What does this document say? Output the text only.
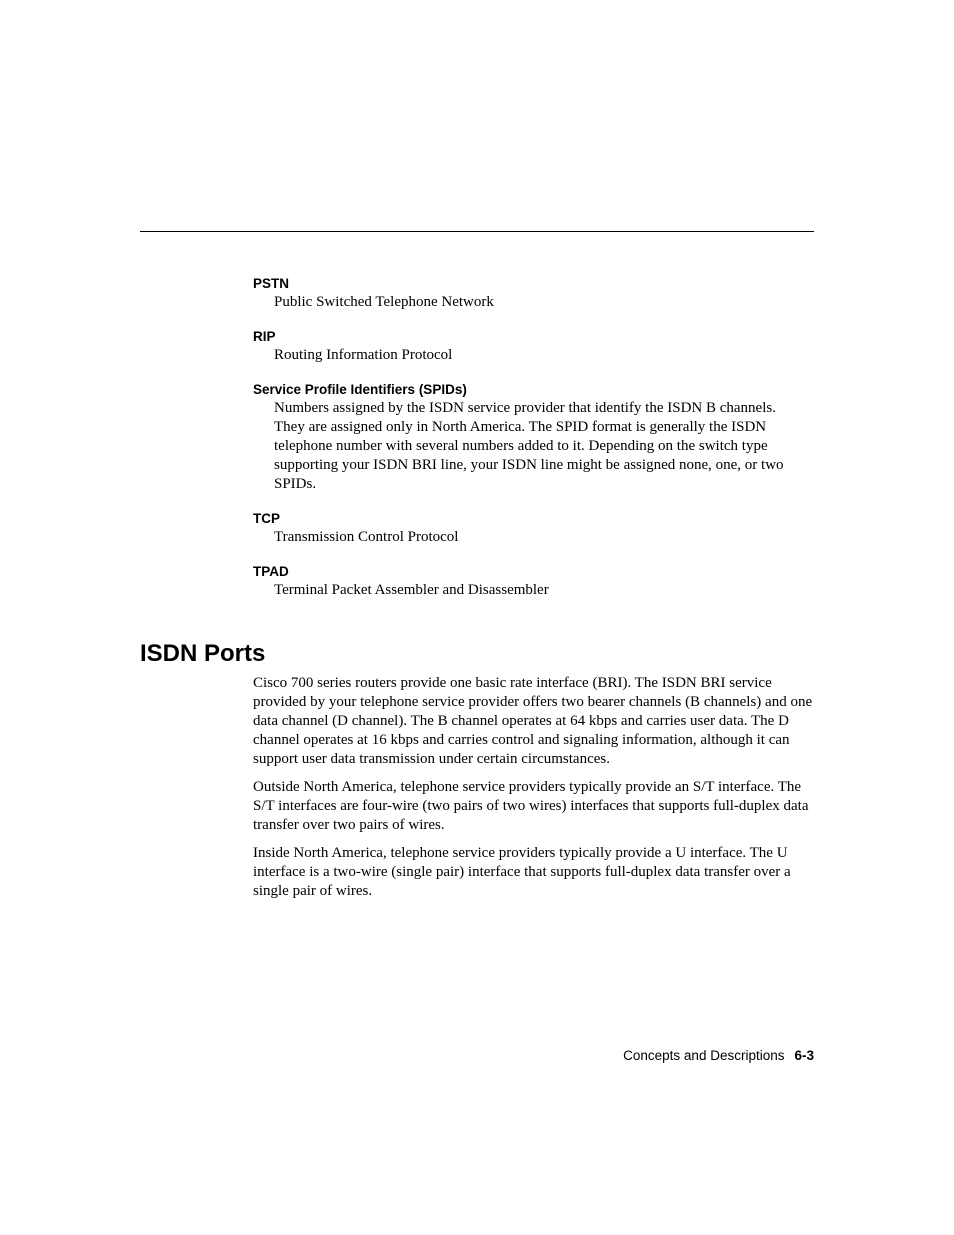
PSTN
Public Switched Telephone Network
RIP
Routing Information Protocol
Service Profile Identifiers (SPIDs)
Numbers assigned by the ISDN service provider that identify the ISDN B channels. They are assigned only in North America. The SPID format is generally the ISDN telephone number with several numbers added to it. Depending on the switch type supporting your ISDN BRI line, your ISDN line might be assigned none, one, or two SPIDs.
TCP
Transmission Control Protocol
TPAD
Terminal Packet Assembler and Disassembler
ISDN Ports

Cisco 700 series routers provide one basic rate interface (BRI). The ISDN BRI service provided by your telephone service provider offers two bearer channels (B channels) and one data channel (D channel). The B channel operates at 64 kbps and carries user data. The D channel operates at 16 kbps and carries control and signaling information, although it can support user data transmission under certain circumstances.

Outside North America, telephone service providers typically provide an S/T interface. The S/T interfaces are four-wire (two pairs of two wires) interfaces that supports full-duplex data transfer over two pairs of wires.

Inside North America, telephone service providers typically provide a U interface. The U interface is a two-wire (single pair) interface that supports full-duplex data transfer over a single pair of wires.

Concepts and Descriptions 6-3
